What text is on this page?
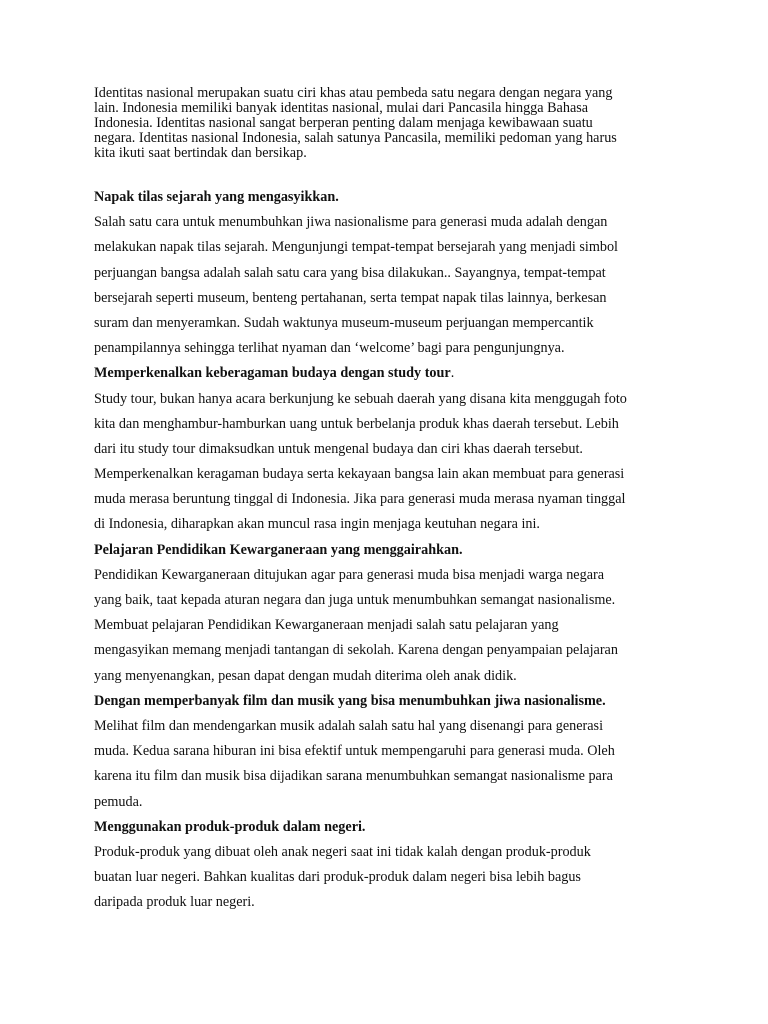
Identitas nasional merupakan suatu ciri khas atau pembeda satu negara dengan negara yang
lain. Indonesia memiliki banyak identitas nasional, mulai dari Pancasila hingga Bahasa
Indonesia. Identitas nasional sangat berperan penting dalam menjaga kewibawaan suatu
negara. Identitas nasional Indonesia, salah satunya Pancasila, memiliki pedoman yang harus
kita ikuti saat bertindak dan bersikap.

Napak tilas sejarah yang mengasyikkan.
Salah satu cara untuk menumbuhkan jiwa nasionalisme para generasi muda adalah dengan
melakukan napak tilas sejarah. Mengunjungi tempat-tempat bersejarah yang menjadi simbol
perjuangan bangsa adalah salah satu cara yang bisa dilakukan.. Sayangnya, tempat-tempat
bersejarah seperti museum, benteng pertahanan, serta tempat napak tilas lainnya, berkesan
suram dan menyeramkan. Sudah waktunya museum-museum perjuangan mempercantik
penampilannya sehingga terlihat nyaman dan ‘welcome’ bagi para pengunjungnya.
Memperkenalkan keberagaman budaya dengan study tour.
Study tour, bukan hanya acara berkunjung ke sebuah daerah yang disana kita menggugah foto
kita dan menghambur-hamburkan uang untuk berbelanja produk khas daerah tersebut. Lebih
dari itu study tour dimaksudkan untuk mengenal budaya dan ciri khas daerah tersebut.
Memperkenalkan keragaman budaya serta kekayaan bangsa lain akan membuat para generasi
muda merasa beruntung tinggal di Indonesia. Jika para generasi muda merasa nyaman tinggal
di Indonesia, diharapkan akan muncul rasa ingin menjaga keutuhan negara ini.
Pelajaran Pendidikan Kewarganeraan yang menggairahkan.
Pendidikan Kewarganeraan ditujukan agar para generasi muda bisa menjadi warga negara
yang baik, taat kepada aturan negara dan juga untuk menumbuhkan semangat nasionalisme.
Membuat pelajaran Pendidikan Kewarganeraan menjadi salah satu pelajaran yang
mengasyikan memang menjadi tantangan di sekolah. Karena dengan penyampaian pelajaran
yang menyenangkan, pesan dapat dengan mudah diterima oleh anak didik.
Dengan memperbanyak film dan musik yang bisa menumbuhkan jiwa nasionalisme.
Melihat film dan mendengarkan musik adalah salah satu hal yang disenangi para generasi
muda. Kedua sarana hiburan ini bisa efektif untuk mempengaruhi para generasi muda. Oleh
karena itu film dan musik bisa dijadikan sarana menumbuhkan semangat nasionalisme para
pemuda.
Menggunakan produk-produk dalam negeri.
Produk-produk yang dibuat oleh anak negeri saat ini tidak kalah dengan produk-produk
buatan luar negeri. Bahkan kualitas dari produk-produk dalam negeri bisa lebih bagus
daripada produk luar negeri.
